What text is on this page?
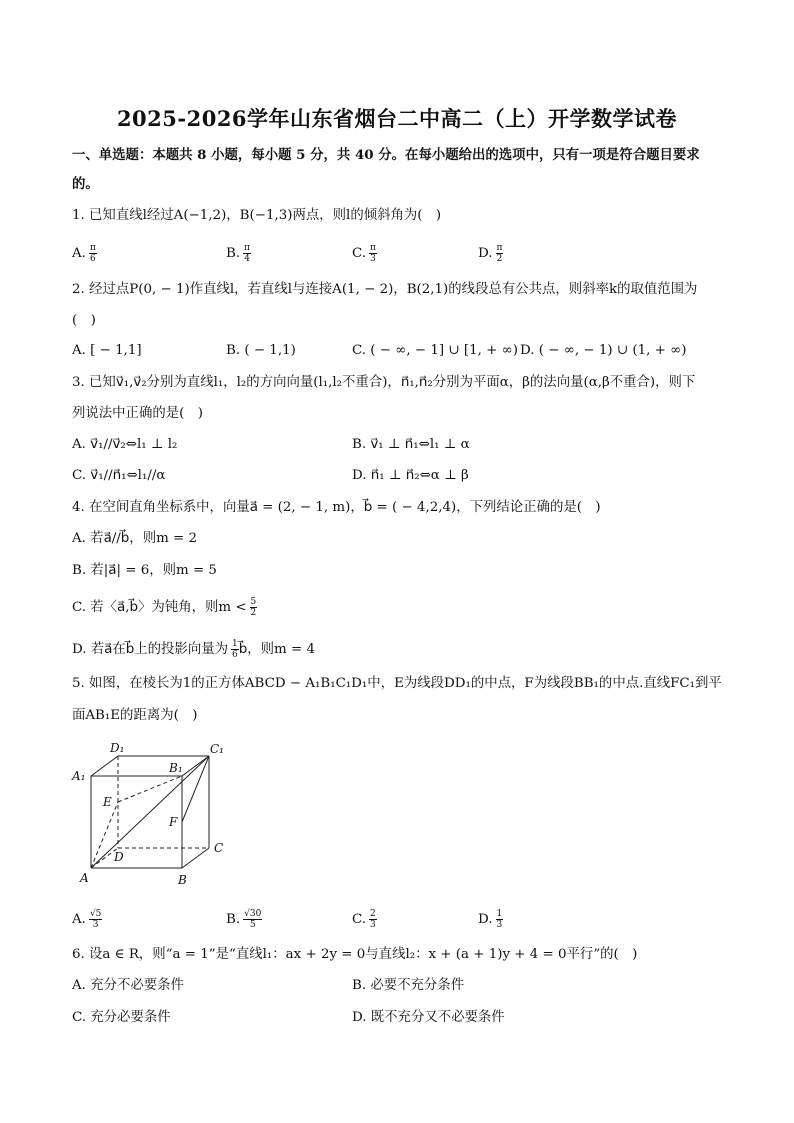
2025-2026学年山东省烟台二中高二（上）开学数学试卷
一、单选题：本题共 8 小题，每小题 5 分，共 40 分。在每小题给出的选项中，只有一项是符合题目要求
的。
1. 已知直线l经过A(−1,2)，B(−1,3)两点，则l的倾斜角为(　)
A. $\frac{\pi}{6}$	B. $\frac{\pi}{4}$	C. $\frac{\pi}{3}$	D. $\frac{\pi}{2}$
2. 经过点P(0, − 1)作直线l，若直线l与连接A(1, − 2)，B(2,1)的线段总有公共点，则斜率k的取值范围为
(　)
A. [ − 1,1]	B. ( − 1,1)	C. ( − ∞, − 1] ∪ [1, + ∞) D. ( − ∞, − 1) ∪ (1, + ∞)
3. 已知v⃗₁,v⃗₂分别为直线l₁，l₂的方向向量(l₁,l₂不重合)，n⃗₁,n⃗₂分别为平面α，β的法向量(α,β不重合)，则下
列说法中正确的是(　)
A. v⃗₁//v⃗₂⇔l₁ ⊥ l₂	B. v⃗₁ ⊥ n⃗₁⇔l₁ ⊥ α
C. v⃗₁//n⃗₁⇔l₁//α	D. n⃗₁ ⊥ n⃗₂⇔α ⊥ β
4. 在空间直角坐标系中，向量a⃗ = (2, − 1, m)，b⃗ = ( − 4,2,4)，下列结论正确的是(　)
A. 若a⃗//b⃗，则m = 2
B. 若|a⃗| = 6，则m = 5
C. 若〈a⃗,b⃗〉为钝角，则$m < \frac{5}{2}$
D. 若a⃗在b⃗上的投影向量为 $\frac{1}{6}$ b⃗，则m = 4
5. 如图，在棱长为1的正方体ABCD − A₁B₁C₁D₁中，E为线段DD₁的中点，F为线段BB₁的中点.直线FC₁到平
面AB₁E的距离为(　)
D₁	C₁
A₁
B₁
E
F
D
C
A	B
A. $\frac{√5}{3}$	B. $\frac{√30}{5}$	C. $\frac{2}{3}$	D. $\frac{1}{3}$
6. 设a ∈ R，则“a = 1”是“直线l₁：ax + 2y = 0与直线l₂：x + (a + 1)y + 4 = 0平行”的(　)
A. 充分不必要条件	B. 必要不充分条件
C. 充分必要条件	D. 既不充分又不必要条件
